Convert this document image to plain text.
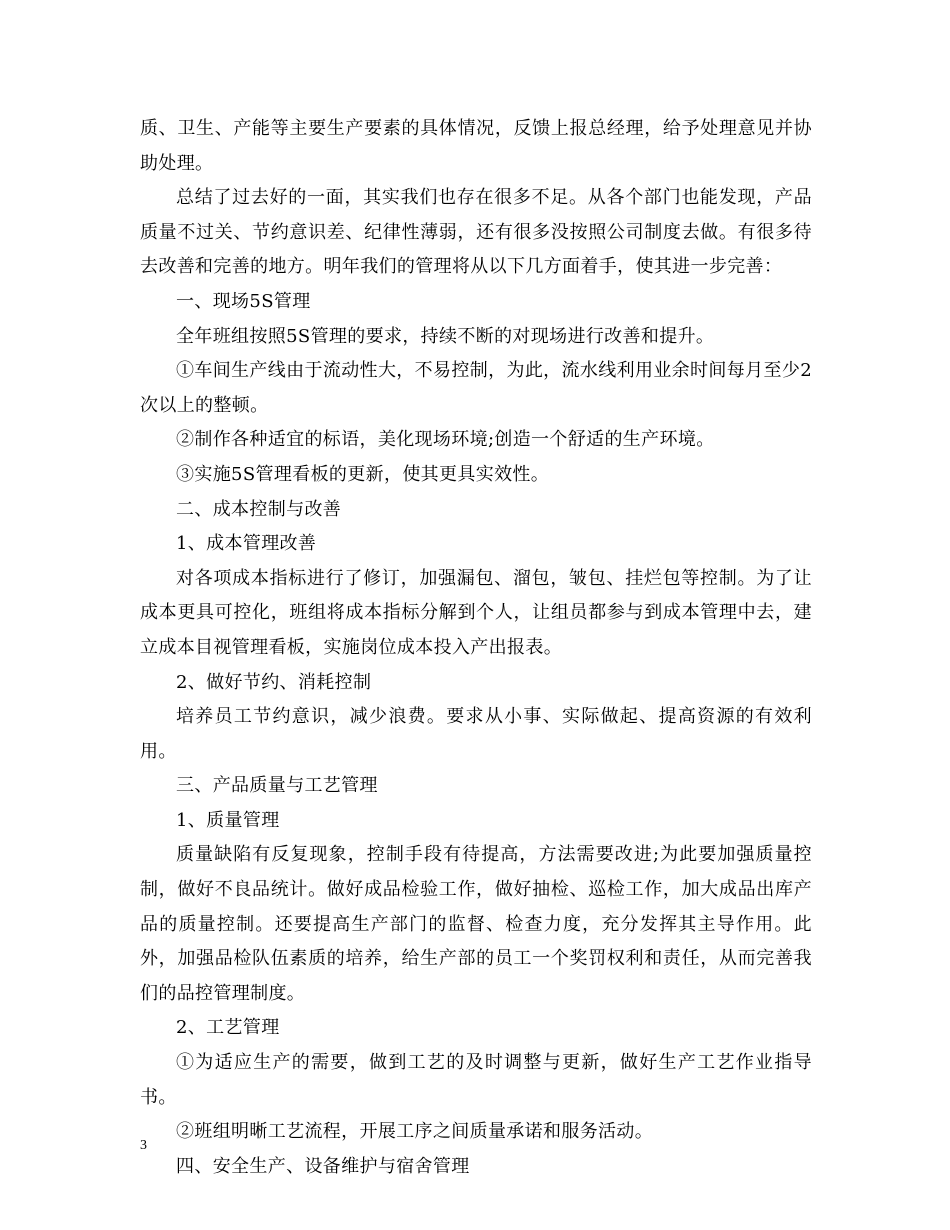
质、卫生、产能等主要生产要素的具体情况，反馈上报总经理，给予处理意见并协助处理。

总结了过去好的一面，其实我们也存在很多不足。从各个部门也能发现，产品质量不过关、节约意识差、纪律性薄弱，还有很多没按照公司制度去做。有很多待去改善和完善的地方。明年我们的管理将从以下几方面着手，使其进一步完善：

一、现场5S管理

全年班组按照5S管理的要求，持续不断的对现场进行改善和提升。

①车间生产线由于流动性大，不易控制，为此，流水线利用业余时间每月至少2次以上的整顿。

②制作各种适宜的标语，美化现场环境;创造一个舒适的生产环境。

③实施5S管理看板的更新，使其更具实效性。

二、成本控制与改善

1、成本管理改善

对各项成本指标进行了修订，加强漏包、溜包，皱包、挂烂包等控制。为了让成本更具可控化，班组将成本指标分解到个人，让组员都参与到成本管理中去，建立成本目视管理看板，实施岗位成本投入产出报表。

2、做好节约、消耗控制

培养员工节约意识，减少浪费。要求从小事、实际做起、提高资源的有效利用。

三、产品质量与工艺管理

1、质量管理

质量缺陷有反复现象，控制手段有待提高，方法需要改进;为此要加强质量控制，做好不良品统计。做好成品检验工作，做好抽检、巡检工作，加大成品出库产品的质量控制。还要提高生产部门的监督、检查力度，充分发挥其主导作用。此外，加强品检队伍素质的培养，给生产部的员工一个奖罚权利和责任，从而完善我们的品控管理制度。

2、工艺管理

①为适应生产的需要，做到工艺的及时调整与更新，做好生产工艺作业指导书。

②班组明晰工艺流程，开展工序之间质量承诺和服务活动。

四、安全生产、设备维护与宿舍管理

3
